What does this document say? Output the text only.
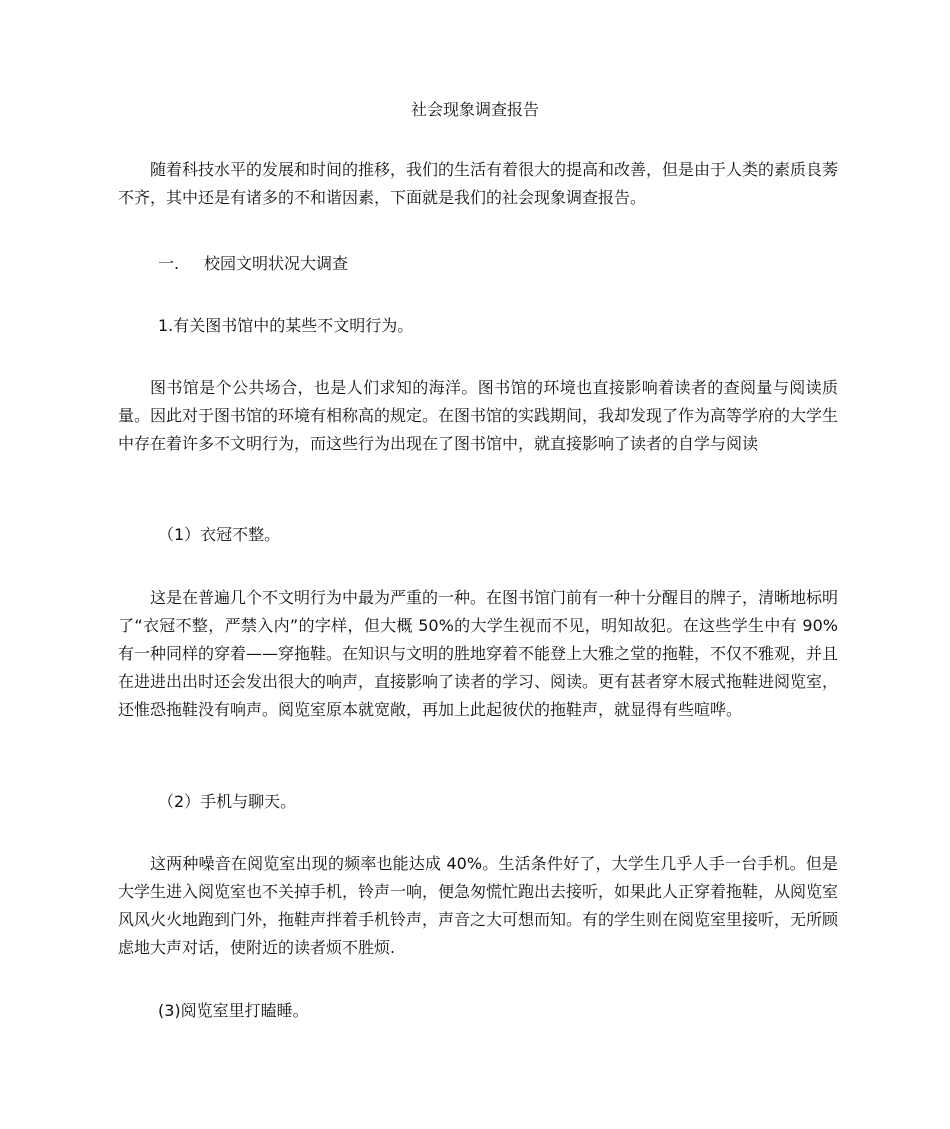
社会现象调查报告

随着科技水平的发展和时间的推移，我们的生活有着很大的提高和改善，但是由于人类的素质良莠不齐，其中还是有诸多的不和谐因素，下面就是我们的社会现象调查报告。

一. 校园文明状况大调查

1.有关图书馆中的某些不文明行为。

图书馆是个公共场合，也是人们求知的海洋。图书馆的环境也直接影响着读者的查阅量与阅读质量。因此对于图书馆的环境有相称高的规定。在图书馆的实践期间，我却发现了作为高等学府的大学生中存在着许多不文明行为，而这些行为出现在了图书馆中，就直接影响了读者的自学与阅读

（1）衣冠不整。

这是在普遍几个不文明行为中最为严重的一种。在图书馆门前有一种十分醒目的牌子，清晰地标明了“衣冠不整，严禁入内”的字样，但大概 50%的大学生视而不见，明知故犯。在这些学生中有 90%有一种同样的穿着——穿拖鞋。在知识与文明的胜地穿着不能登上大雅之堂的拖鞋，不仅不雅观，并且在进进出出时还会发出很大的响声，直接影响了读者的学习、阅读。更有甚者穿木屐式拖鞋进阅览室，还惟恐拖鞋没有响声。阅览室原本就宽敞，再加上此起彼伏的拖鞋声，就显得有些喧哗。

（2）手机与聊天。

这两种噪音在阅览室出现的频率也能达成 40%。生活条件好了，大学生几乎人手一台手机。但是大学生进入阅览室也不关掉手机，铃声一响，便急匆慌忙跑出去接听，如果此人正穿着拖鞋，从阅览室风风火火地跑到门外，拖鞋声拌着手机铃声，声音之大可想而知。有的学生则在阅览室里接听，无所顾虑地大声对话，使附近的读者烦不胜烦.

(3)阅览室里打瞌睡。
